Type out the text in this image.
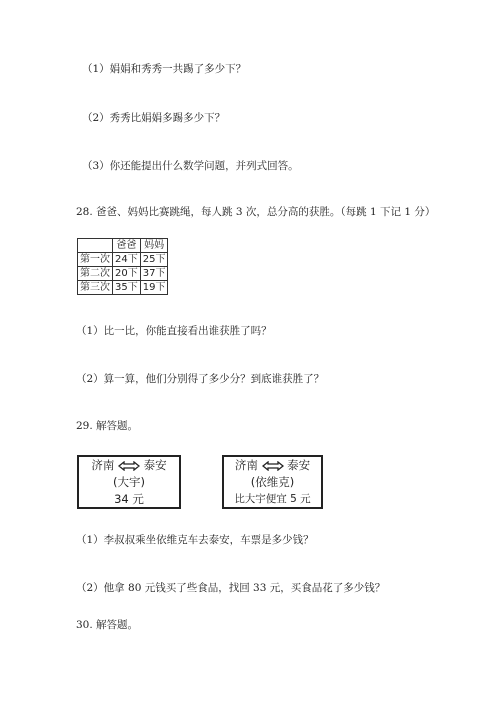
（1）娟娟和秀秀一共踢了多少下？
（2）秀秀比娟娟多踢多少下？
（3）你还能提出什么数学问题，并列式回答。
28. 爸爸、妈妈比赛跳绳，每人跳 3 次，总分高的获胜。（每跳 1 下记 1 分）
	爸爸	妈妈
第一次	24下	25下
第二次	20下	37下
第三次	35下	19下
（1）比一比，你能直接看出谁获胜了吗？
（2）算一算，他们分别得了多少分？到底谁获胜了？
29. 解答题。
济南	泰安
(大宇)
34 元
济南	泰安
(依维克)
比大宇便宜 5 元
（1）李叔叔乘坐依维克车去泰安，车票是多少钱？
（2）他拿 80 元钱买了些食品，找回 33 元，买食品花了多少钱？
30. 解答题。
